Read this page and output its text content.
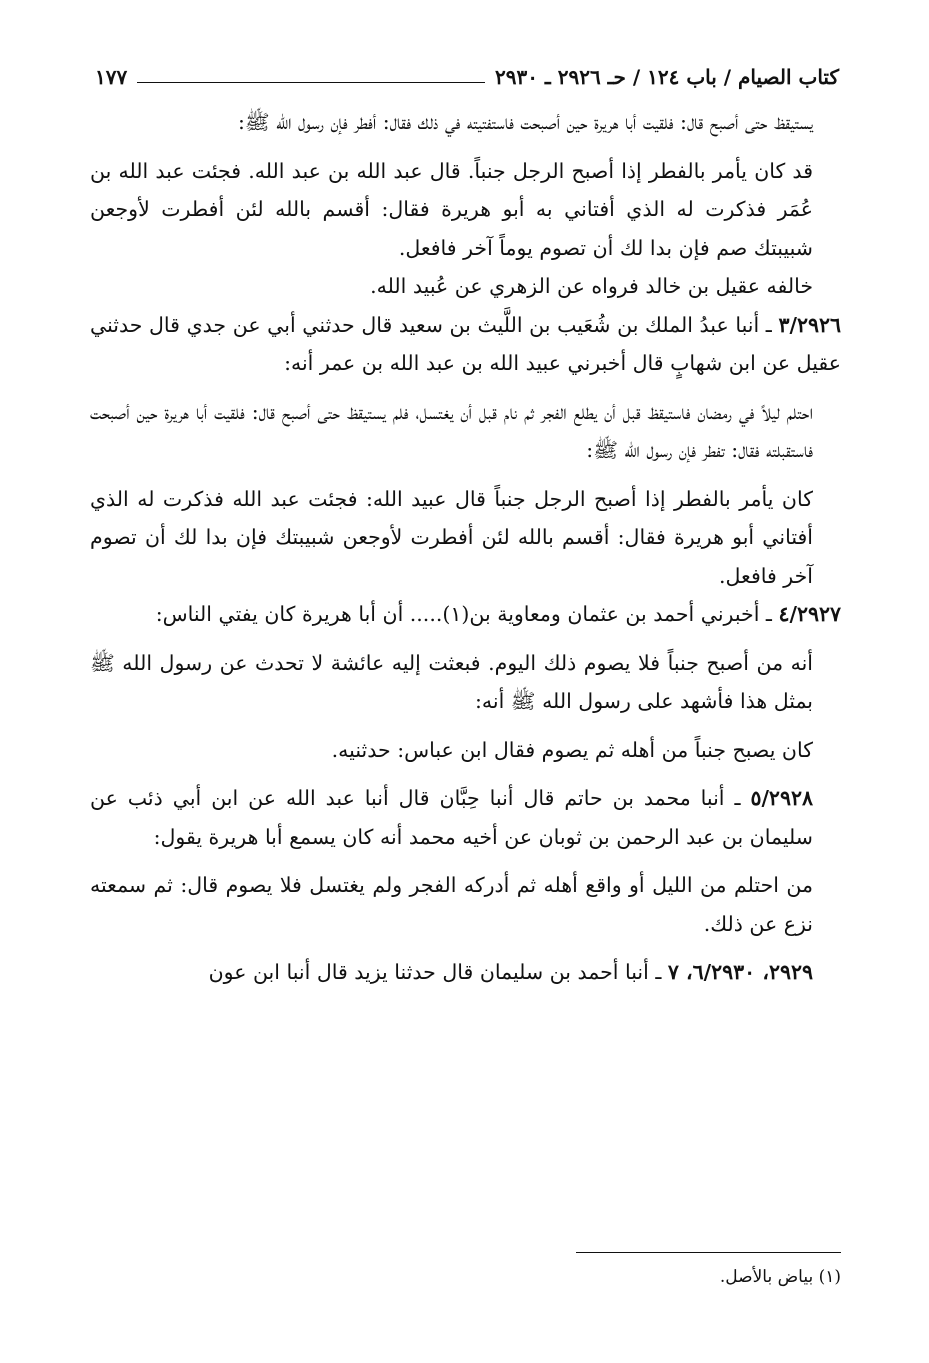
كتاب الصيام / باب ١٢٤ / حـ ٢٩٢٦ ـ ٢٩٣٠
١٧٧

يستيقظ حتى أصبح قال: فلقيت أبا هريرة حين أصبحت فاستفتيته في ذلك فقال: أفطر فإن رسول الله ﷺ:

قد كان يأمر بالفطر إذا أصبح الرجل جنباً. قال عبد الله بن عبد الله. فجئت عبد الله بن عُمَر فذكرت له الذي أفتاني به أبو هريرة فقال: أقسم بالله لئن أفطرت لأوجعن شبيبتك صم فإن بدا لك أن تصوم يوماً آخر فافعل.

خالفه عقيل بن خالد فرواه عن الزهري عن عُبيد الله.

٣/٢٩٢٦ ـ أنبا عبدُ الملك بن شُعَيب بن اللَّيث بن سعيد قال حدثني أبي عن جدي قال حدثني عقيل عن ابن شهابٍ قال أخبرني عبيد الله بن عبد الله بن عمر أنه:

احتلم ليلاً في رمضان فاستيقظ قبل أن يطلع الفجر ثم نام قبل أن يغتسل، فلم يستيقظ حتى أصبح قال: فلقيت أبا هريرة حين أصبحت فاستقبلته فقال: تفطر فإن رسول الله ﷺ:

كان يأمر بالفطر إذا أصبح الرجل جنباً قال عبيد الله: فجئت عبد الله فذكرت له الذي أفتاني أبو هريرة فقال: أقسم بالله لئن أفطرت لأوجعن شبيبتك فإن بدا لك أن تصوم آخر فافعل.

٤/٢٩٢٧ ـ أخبرني أحمد بن عثمان ومعاوية بن(١)..... أن أبا هريرة كان يفتي الناس:

أنه من أصبح جنباً فلا يصوم ذلك اليوم. فبعثت إليه عائشة لا تحدث عن رسول الله ﷺ بمثل هذا فأشهد على رسول الله ﷺ أنه:

كان يصبح جنباً من أهله ثم يصوم فقال ابن عباس: حدثنيه.

٥/٢٩٢٨ ـ أنبا محمد بن حاتم قال أنبا حِبَّان قال أنبا عبد الله عن ابن أبي ذئب عن سليمان بن عبد الرحمن بن ثوبان عن أخيه محمد أنه كان يسمع أبا هريرة يقول:

من احتلم من الليل أو واقع أهله ثم أدركه الفجر ولم يغتسل فلا يصوم قال: ثم سمعته نزع عن ذلك.

٢٩٢٩، ٦/٢٩٣٠، ٧ ـ أنبا أحمد بن سليمان قال حدثنا يزيد قال أنبا ابن عون

(١) بياض بالأصل.
